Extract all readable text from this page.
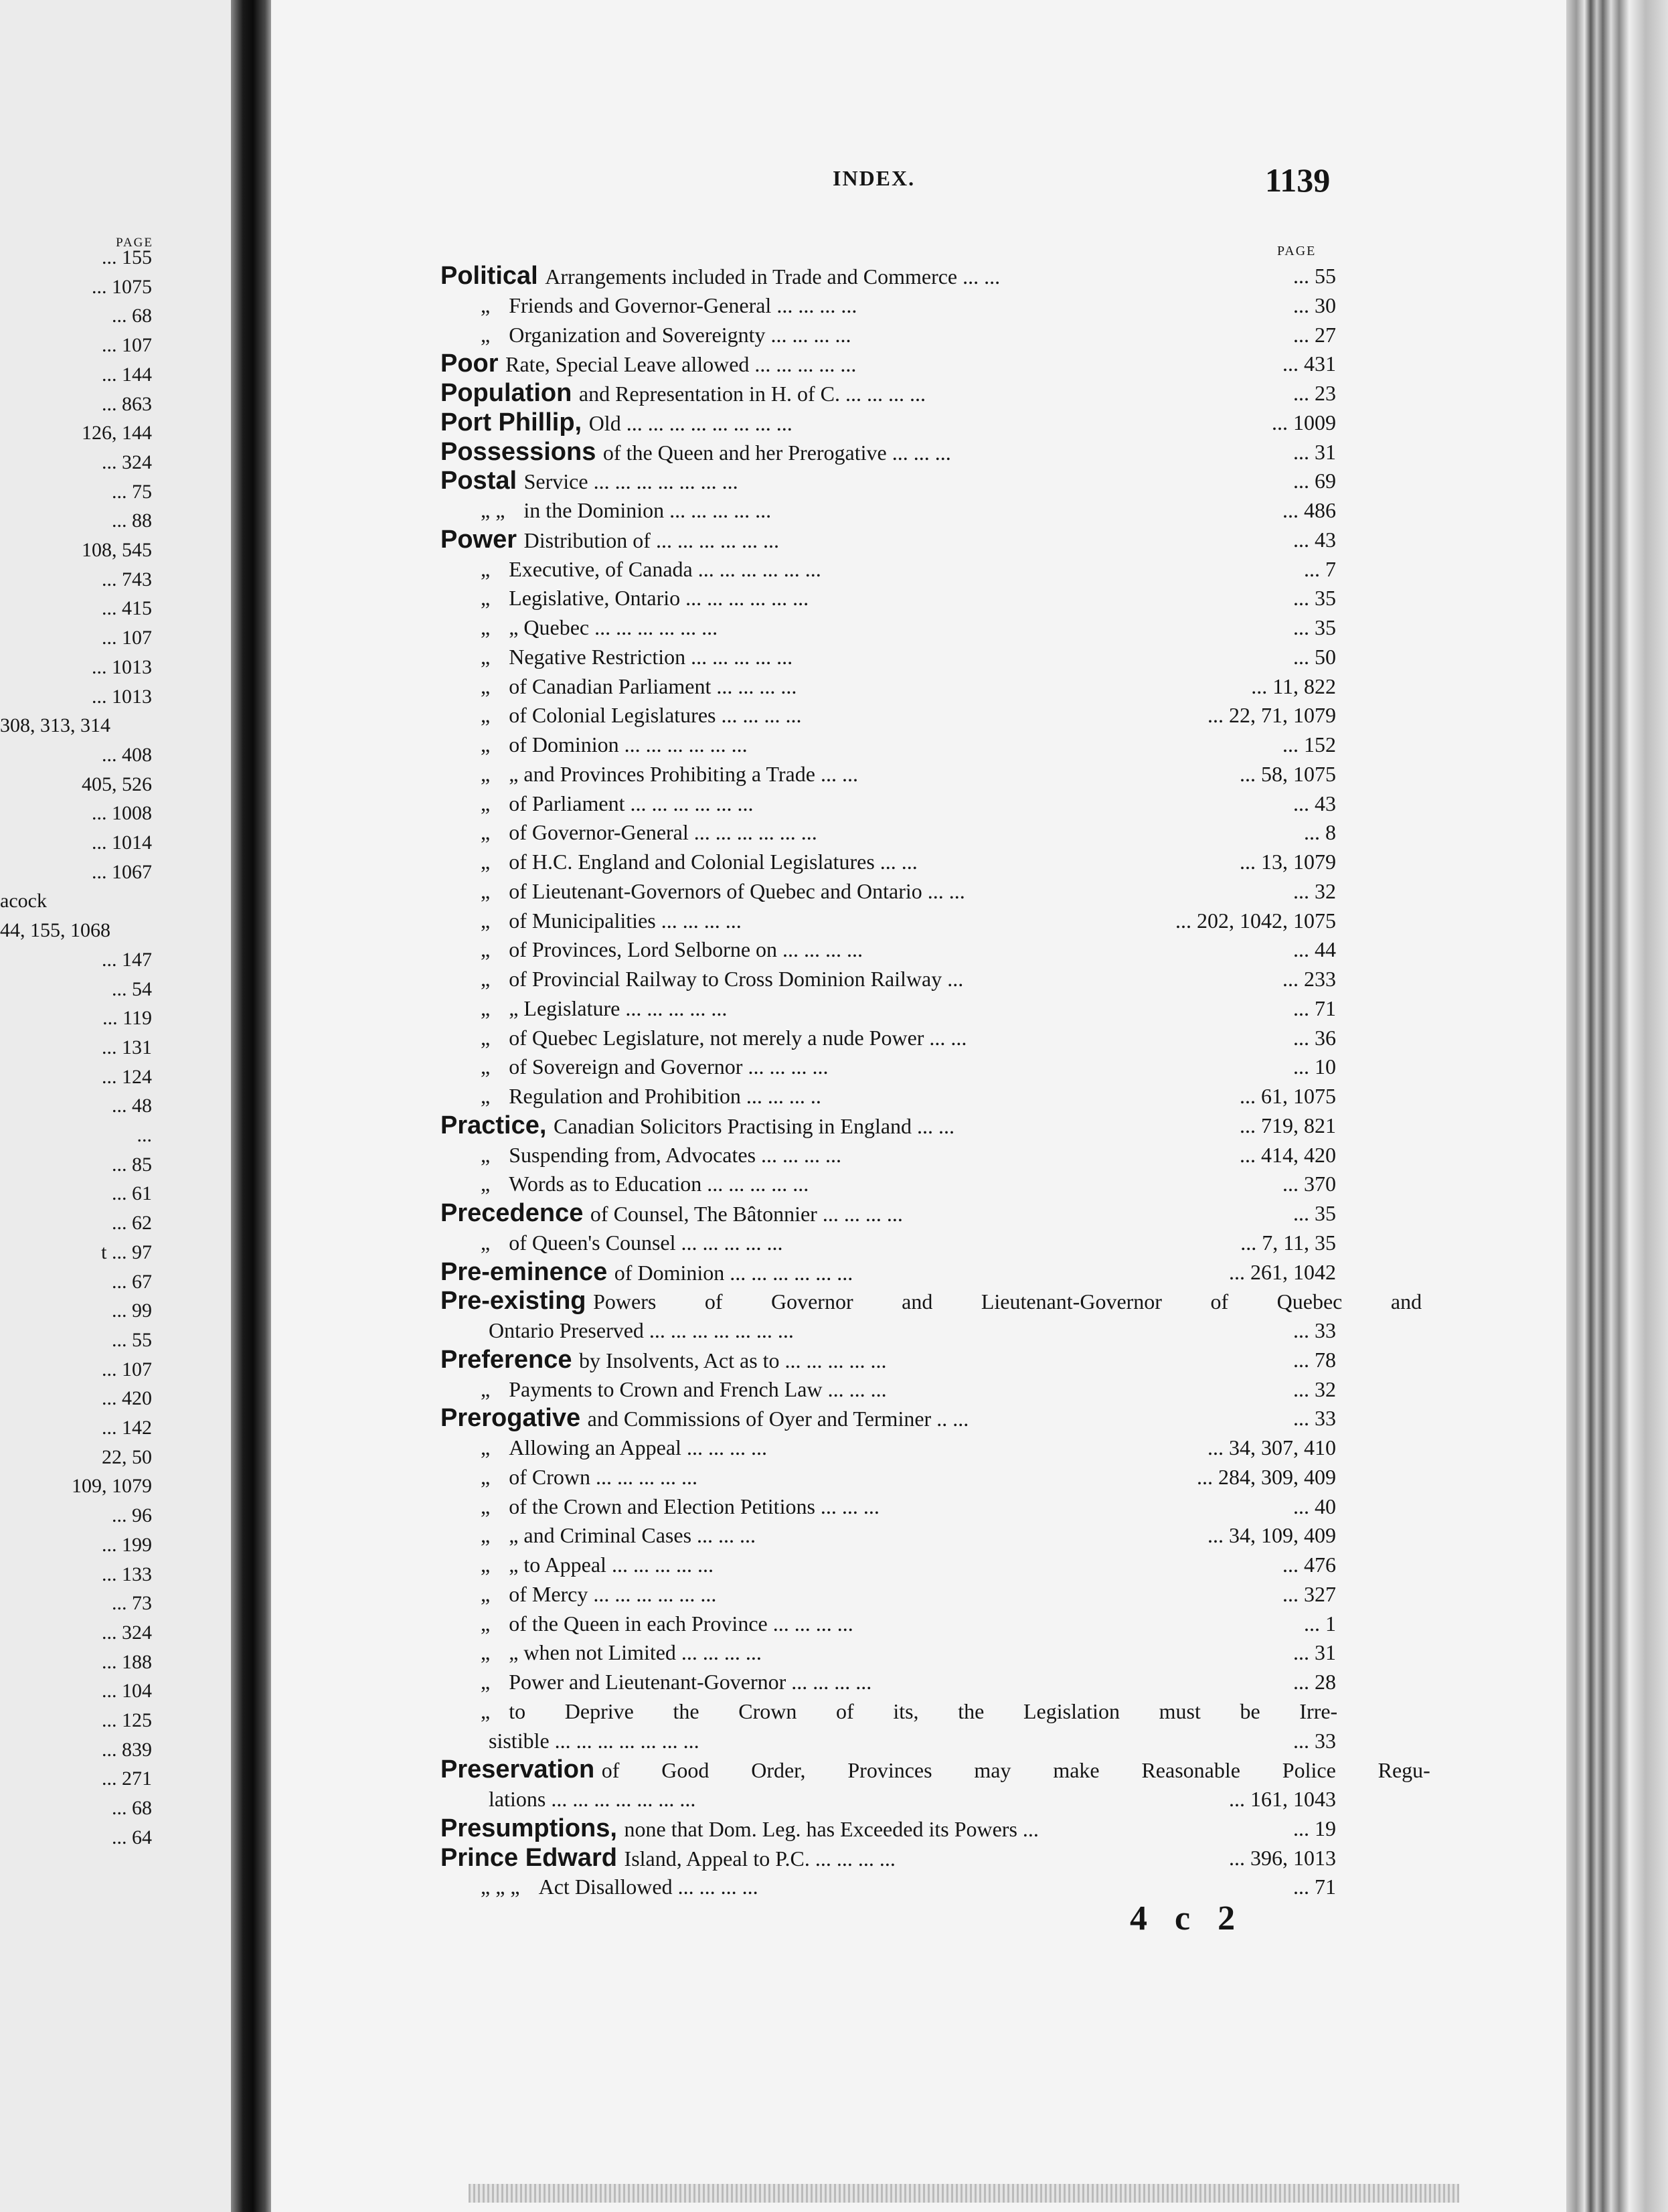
PAGE
... 155
... 1075
... 68
... 107
... 144
... 863
126, 144
... 324
... 75
... 88
108, 545
... 743
... 415
... 107
... 1013
... 1013
308, 313, 314
... 408
405, 526
... 1008
... 1014
... 1067
acock
44, 155, 1068
... 147
... 54
... 119
... 131
... 124
... 48
...
... 85
... 61
... 62
t ... 97
... 67
... 99
... 55
... 107
... 420
... 142
22, 50
109, 1079
... 96
... 199
... 133
... 73
... 324
... 188
... 104
... 125
... 839
... 271
... 68
... 64
INDEX.	1139
PAGE
Political Arrangements included in Trade and Commerce ... ...	... 55
„ Friends and Governor-General ... ... ... ...	... 30
„ Organization and Sovereignty ... ... ... ...	... 27
Poor Rate, Special Leave allowed ... ... ... ... ...	... 431
Population and Representation in H. of C. ... ... ... ...	... 23
Port Phillip, Old ... ... ... ... ... ... ... ...	... 1009
Possessions of the Queen and her Prerogative ... ... ...	... 31
Postal Service ... ... ... ... ... ... ...	... 69
„ „ in the Dominion ... ... ... ... ...	... 486
Power Distribution of ... ... ... ... ... ...	... 43
„ Executive, of Canada ... ... ... ... ... ...	... 7
„ Legislative, Ontario ... ... ... ... ... ...	... 35
„ „ Quebec ... ... ... ... ... ...	... 35
„ Negative Restriction ... ... ... ... ...	... 50
„ of Canadian Parliament ... ... ... ...	... 11, 822
„ of Colonial Legislatures ... ... ... ...	... 22, 71, 1079
„ of Dominion ... ... ... ... ... ...	... 152
„ „ and Provinces Prohibiting a Trade ... ...	... 58, 1075
„ of Parliament ... ... ... ... ... ...	... 43
„ of Governor-General ... ... ... ... ... ...	... 8
„ of H.C. England and Colonial Legislatures ... ...	... 13, 1079
„ of Lieutenant-Governors of Quebec and Ontario ... ...	... 32
„ of Municipalities ... ... ... ...	... 202, 1042, 1075
„ of Provinces, Lord Selborne on ... ... ... ...	... 44
„ of Provincial Railway to Cross Dominion Railway ...	... 233
„ „ Legislature ... ... ... ... ...	... 71
„ of Quebec Legislature, not merely a nude Power ... ...	... 36
„ of Sovereign and Governor ... ... ... ...	... 10
„ Regulation and Prohibition ... ... ... ..	... 61, 1075
Practice, Canadian Solicitors Practising in England ... ...	... 719, 821
„ Suspending from, Advocates ... ... ... ...	... 414, 420
„ Words as to Education ... ... ... ... ...	... 370
Precedence of Counsel, The Bâtonnier ... ... ... ...	... 35
„ of Queen's Counsel ... ... ... ... ...	... 7, 11, 35
Pre-eminence of Dominion ... ... ... ... ... ...	... 261, 1042
Pre-existing Powers of Governor and Lieutenant-Governor of Quebec and
Ontario Preserved ... ... ... ... ... ... ...	... 33
Preference by Insolvents, Act as to ... ... ... ... ...	... 78
„ Payments to Crown and French Law ... ... ...	... 32
Prerogative and Commissions of Oyer and Terminer .. ...	... 33
„ Allowing an Appeal ... ... ... ...	... 34, 307, 410
„ of Crown ... ... ... ... ...	... 284, 309, 409
„ of the Crown and Election Petitions ... ... ...	... 40
„ „ and Criminal Cases ... ... ...	... 34, 109, 409
„ „ to Appeal ... ... ... ... ...	... 476
„ of Mercy ... ... ... ... ... ...	... 327
„ of the Queen in each Province ... ... ... ...	... 1
„ „ when not Limited ... ... ... ...	... 31
„ Power and Lieutenant-Governor ... ... ... ...	... 28
„ to Deprive the Crown of its, the Legislation must be Irre-
sistible ... ... ... ... ... ... ...	... 33
Preservation of Good Order, Provinces may make Reasonable Police Regu-
lations ... ... ... ... ... ... ...	... 161, 1043
Presumptions, none that Dom. Leg. has Exceeded its Powers ...	... 19
Prince Edward Island, Appeal to P.C. ... ... ... ...	... 396, 1013
„ „ „ Act Disallowed ... ... ... ...	... 71
4 c 2
